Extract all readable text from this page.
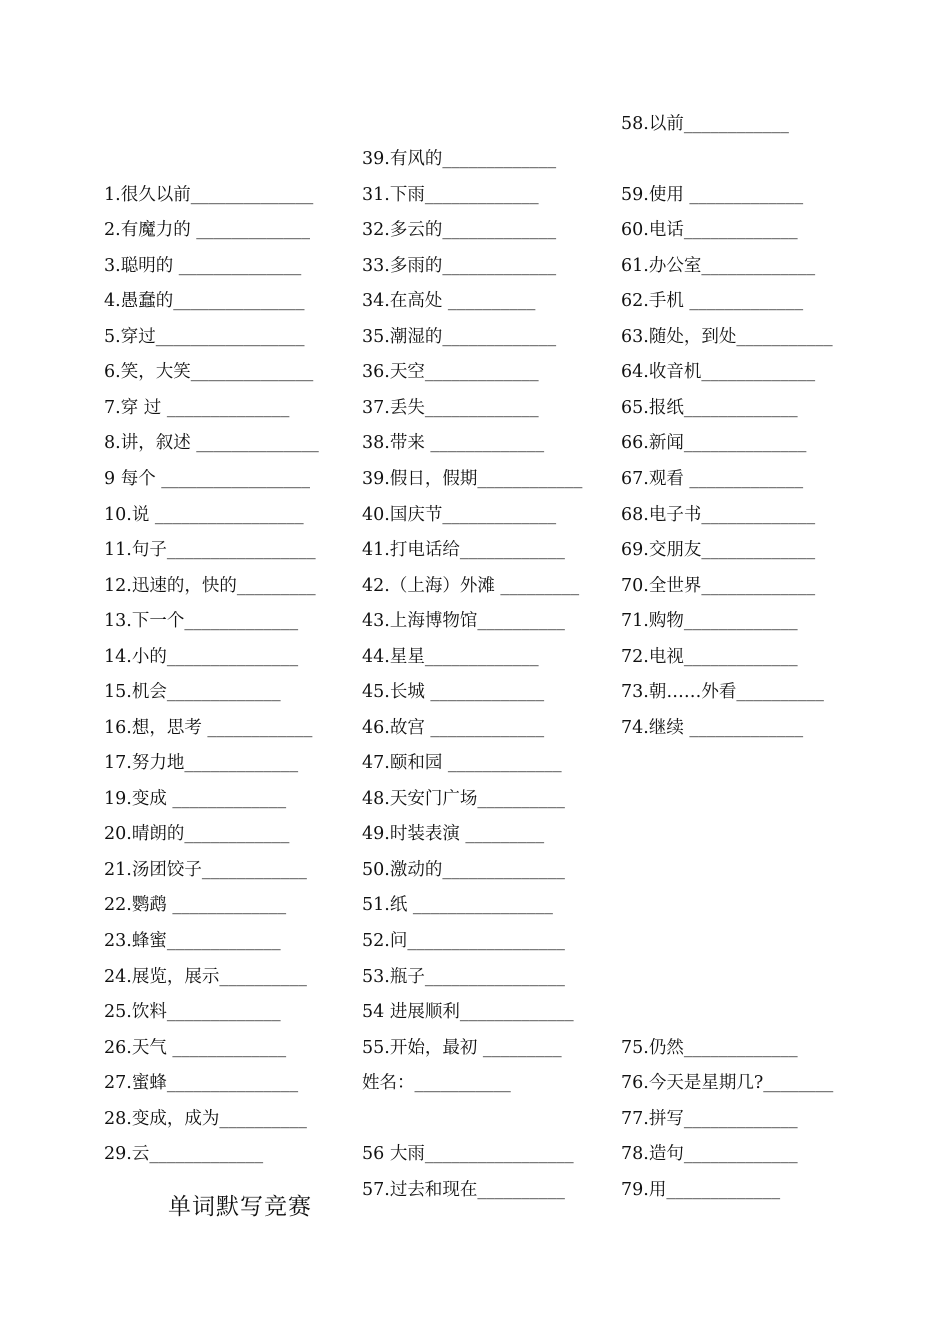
1.很久以前______________
2.有魔力的 _____________
3.聪明的 ______________
4.愚蠢的_______________
5.穿过_________________
6.笑，大笑______________
7.穿 过 ______________
8.讲，叙述 ______________
9 每个 _________________
10.说 _________________
11.句子_________________
12.迅速的，快的_________
13.下一个_____________
14.小的_______________
15.机会_____________
16.想，思考 ____________
17.努力地_____________
19.变成 _____________
20.晴朗的____________
21.汤团饺子____________
22.鹦鹉 _____________
23.蜂蜜_____________
24.展览，展示__________
25.饮料_____________
26.天气 _____________
27.蜜蜂_______________
28.变成，成为__________
29.云_____________
39.有风的_____________
31.下雨_____________
32.多云的_____________
33.多雨的_____________
34.在高处 __________
35.潮湿的_____________
36.天空_____________
37.丢失_____________
38.带来 _____________
39.假日，假期____________
40.国庆节_____________
41.打电话给____________
42.（上海）外滩 _________
43.上海博物馆__________
44.星星_____________
45.长城 _____________
46.故宫 _____________
47.颐和园 _____________
48.天安门广场__________
49.时装表演 _________
50.激动的______________
51.纸 ________________
52.问__________________
53.瓶子________________
54 进展顺利_____________
55.开始，最初 _________
姓名：___________
56 大雨_________________
57.过去和现在__________
58.以前____________
59.使用 _____________
60.电话_____________
61.办公室_____________
62.手机 _____________
63.随处，到处___________
64.收音机_____________
65.报纸_____________
66.新闻______________
67.观看 _____________
68.电子书_____________
69.交朋友_____________
70.全世界_____________
71.购物_____________
72.电视_____________
73.朝……外看__________
74.继续 _____________
75.仍然_____________
76.今天是星期几?________
77.拼写_____________
78.造句_____________
79.用_____________
单词默写竞赛
